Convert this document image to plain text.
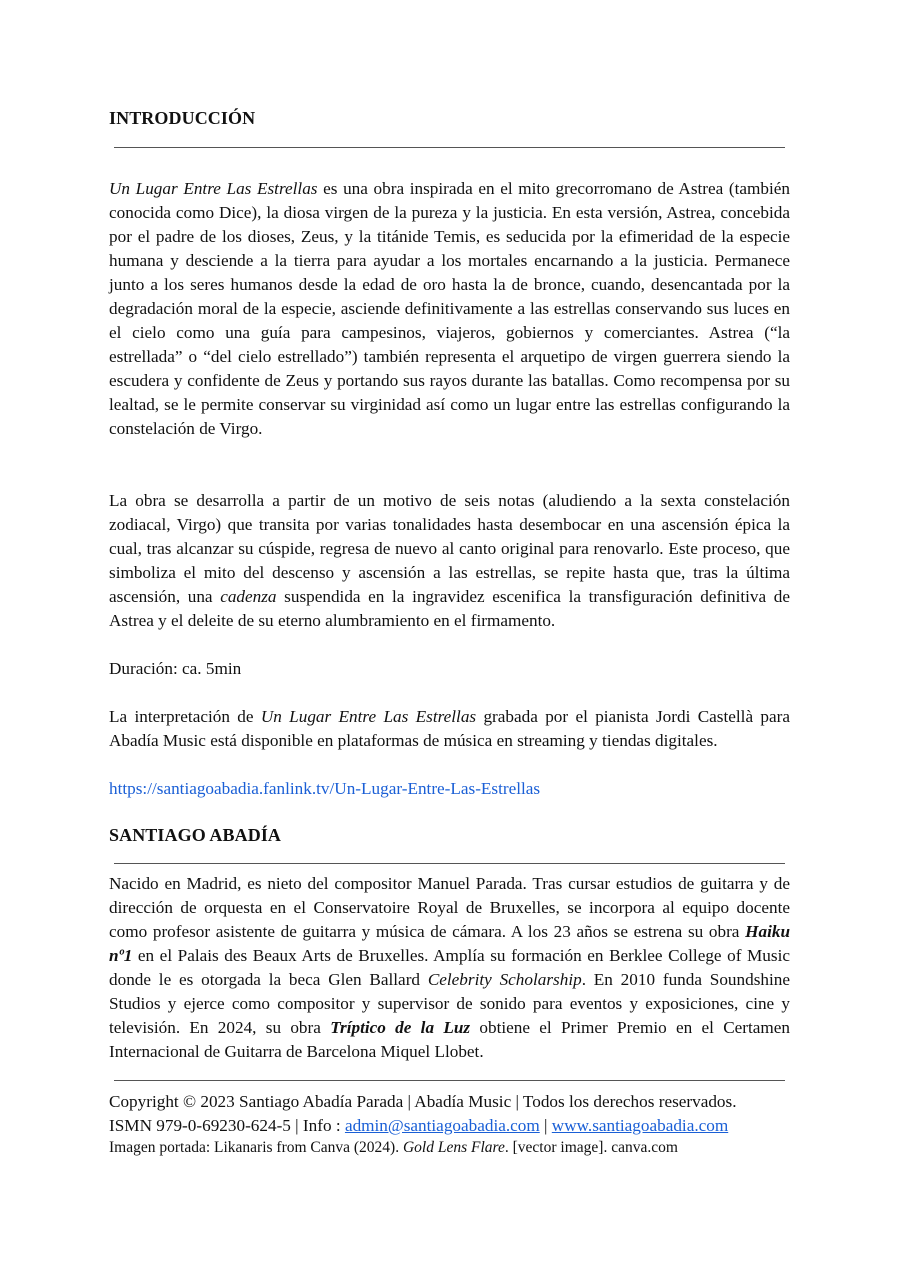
INTRODUCCIÓN

Un Lugar Entre Las Estrellas es una obra inspirada en el mito grecorromano de Astrea (también conocida como Dice), la diosa virgen de la pureza y la justicia. En esta versión, Astrea, concebida por el padre de los dioses, Zeus, y la titánide Temis, es seducida por la efimeridad de la especie humana y desciende a la tierra para ayudar a los mortales encarnando a la justicia. Permanece junto a los seres humanos desde la edad de oro hasta la de bronce, cuando, desencantada por la degradación moral de la especie, asciende definitivamente a las estrellas conservando sus luces en el cielo como una guía para campesinos, viajeros, gobiernos y comerciantes. Astrea (“la estrellada” o “del cielo estrellado”) también representa el arquetipo de virgen guerrera siendo la escudera y confidente de Zeus y portando sus rayos durante las batallas. Como recompensa por su lealtad, se le permite conservar su virginidad así como un lugar entre las estrellas configurando la constelación de Virgo.

La obra se desarrolla a partir de un motivo de seis notas (aludiendo a la sexta constelación zodiacal, Virgo) que transita por varias tonalidades hasta desembocar en una ascensión épica la cual, tras alcanzar su cúspide, regresa de nuevo al canto original para renovarlo. Este proceso, que simboliza el mito del descenso y ascensión a las estrellas, se repite hasta que, tras la última ascensión, una cadenza suspendida en la ingravidez escenifica la transfiguración definitiva de Astrea y el deleite de su eterno alumbramiento en el firmamento.

Duración: ca. 5min

La interpretación de Un Lugar Entre Las Estrellas grabada por el pianista Jordi Castellà para Abadía Music está disponible en plataformas de música en streaming y tiendas digitales.

https://santiagoabadia.fanlink.tv/Un-Lugar-Entre-Las-Estrellas

SANTIAGO ABADÍA

Nacido en Madrid, es nieto del compositor Manuel Parada. Tras cursar estudios de guitarra y de dirección de orquesta en el Conservatoire Royal de Bruxelles, se incorpora al equipo docente como profesor asistente de guitarra y música de cámara. A los 23 años se estrena su obra Haiku nº1 en el Palais des Beaux Arts de Bruxelles. Amplía su formación en Berklee College of Music donde le es otorgada la beca Glen Ballard Celebrity Scholarship. En 2010 funda Soundshine Studios y ejerce como compositor y supervisor de sonido para eventos y exposiciones, cine y televisión. En 2024, su obra Tríptico de la Luz obtiene el Primer Premio en el Certamen Internacional de Guitarra de Barcelona Miquel Llobet.

Copyright © 2023 Santiago Abadía Parada | Abadía Music | Todos los derechos reservados.

ISMN 979-0-69230-624-5 | Info : admin@santiagoabadia.com | www.santiagoabadia.com

Imagen portada: Likanaris from Canva (2024). Gold Lens Flare. [vector image]. canva.com
